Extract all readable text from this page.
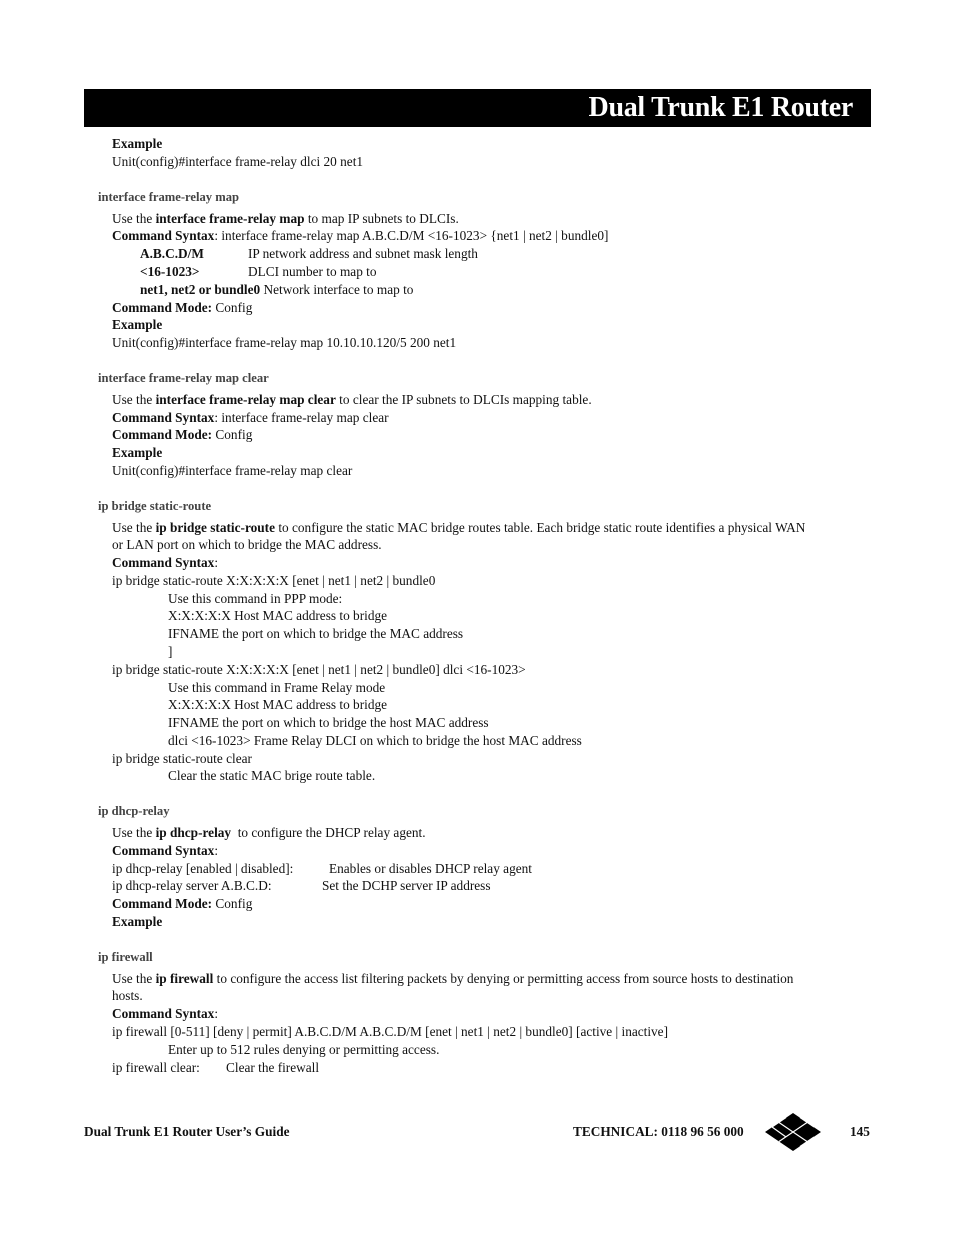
Dual Trunk E1 Router
Example
Unit(config)#interface frame-relay dlci 20 net1
interface frame-relay map
Use the interface frame-relay map to map IP subnets to DLCIs.
Command Syntax: interface frame-relay map A.B.C.D/M <16-1023> {net1 | net2 | bundle0]
A.B.C.D/M	IP network address and subnet mask length
<16-1023>	DLCI number to map to
net1, net2 or bundle0 Network interface to map to
Command Mode: Config
Example
Unit(config)#interface frame-relay map 10.10.10.120/5 200 net1
interface frame-relay map clear
Use the interface frame-relay map clear to clear the IP subnets to DLCIs mapping table.
Command Syntax: interface frame-relay map clear
Command Mode: Config
Example
Unit(config)#interface frame-relay map clear
ip bridge static-route
Use the ip bridge static-route to configure the static MAC bridge routes table. Each bridge static route identifies a physical WAN
or LAN port on which to bridge the MAC address.
Command Syntax:
ip bridge static-route X:X:X:X:X [enet | net1 | net2 | bundle0
Use this command in PPP mode:
X:X:X:X:X Host MAC address to bridge
IFNAME the port on which to bridge the MAC address
]
ip bridge static-route X:X:X:X:X [enet | net1 | net2 | bundle0] dlci <16-1023>
Use this command in Frame Relay mode
X:X:X:X:X Host MAC address to bridge
IFNAME the port on which to bridge the host MAC address
dlci <16-1023> Frame Relay DLCI on which to bridge the host MAC address
ip bridge static-route clear
Clear the static MAC brige route table.
ip dhcp-relay
Use the ip dhcp-relay  to configure the DHCP relay agent.
Command Syntax:
ip dhcp-relay [enabled | disabled]:	Enables or disables DHCP relay agent
ip dhcp-relay server A.B.C.D:	Set the DCHP server IP address
Command Mode: Config
Example
ip firewall
Use the ip firewall to configure the access list filtering packets by denying or permitting access from source hosts to destination
hosts.
Command Syntax:
ip firewall [0-511] [deny | permit] A.B.C.D/M A.B.C.D/M [enet | net1 | net2 | bundle0] [active | inactive]
Enter up to 512 rules denying or permitting access.
ip firewall clear: Clear the firewall
Dual Trunk E1 Router User’s Guide	TECHNICAL: 0118 96 56 000	145
